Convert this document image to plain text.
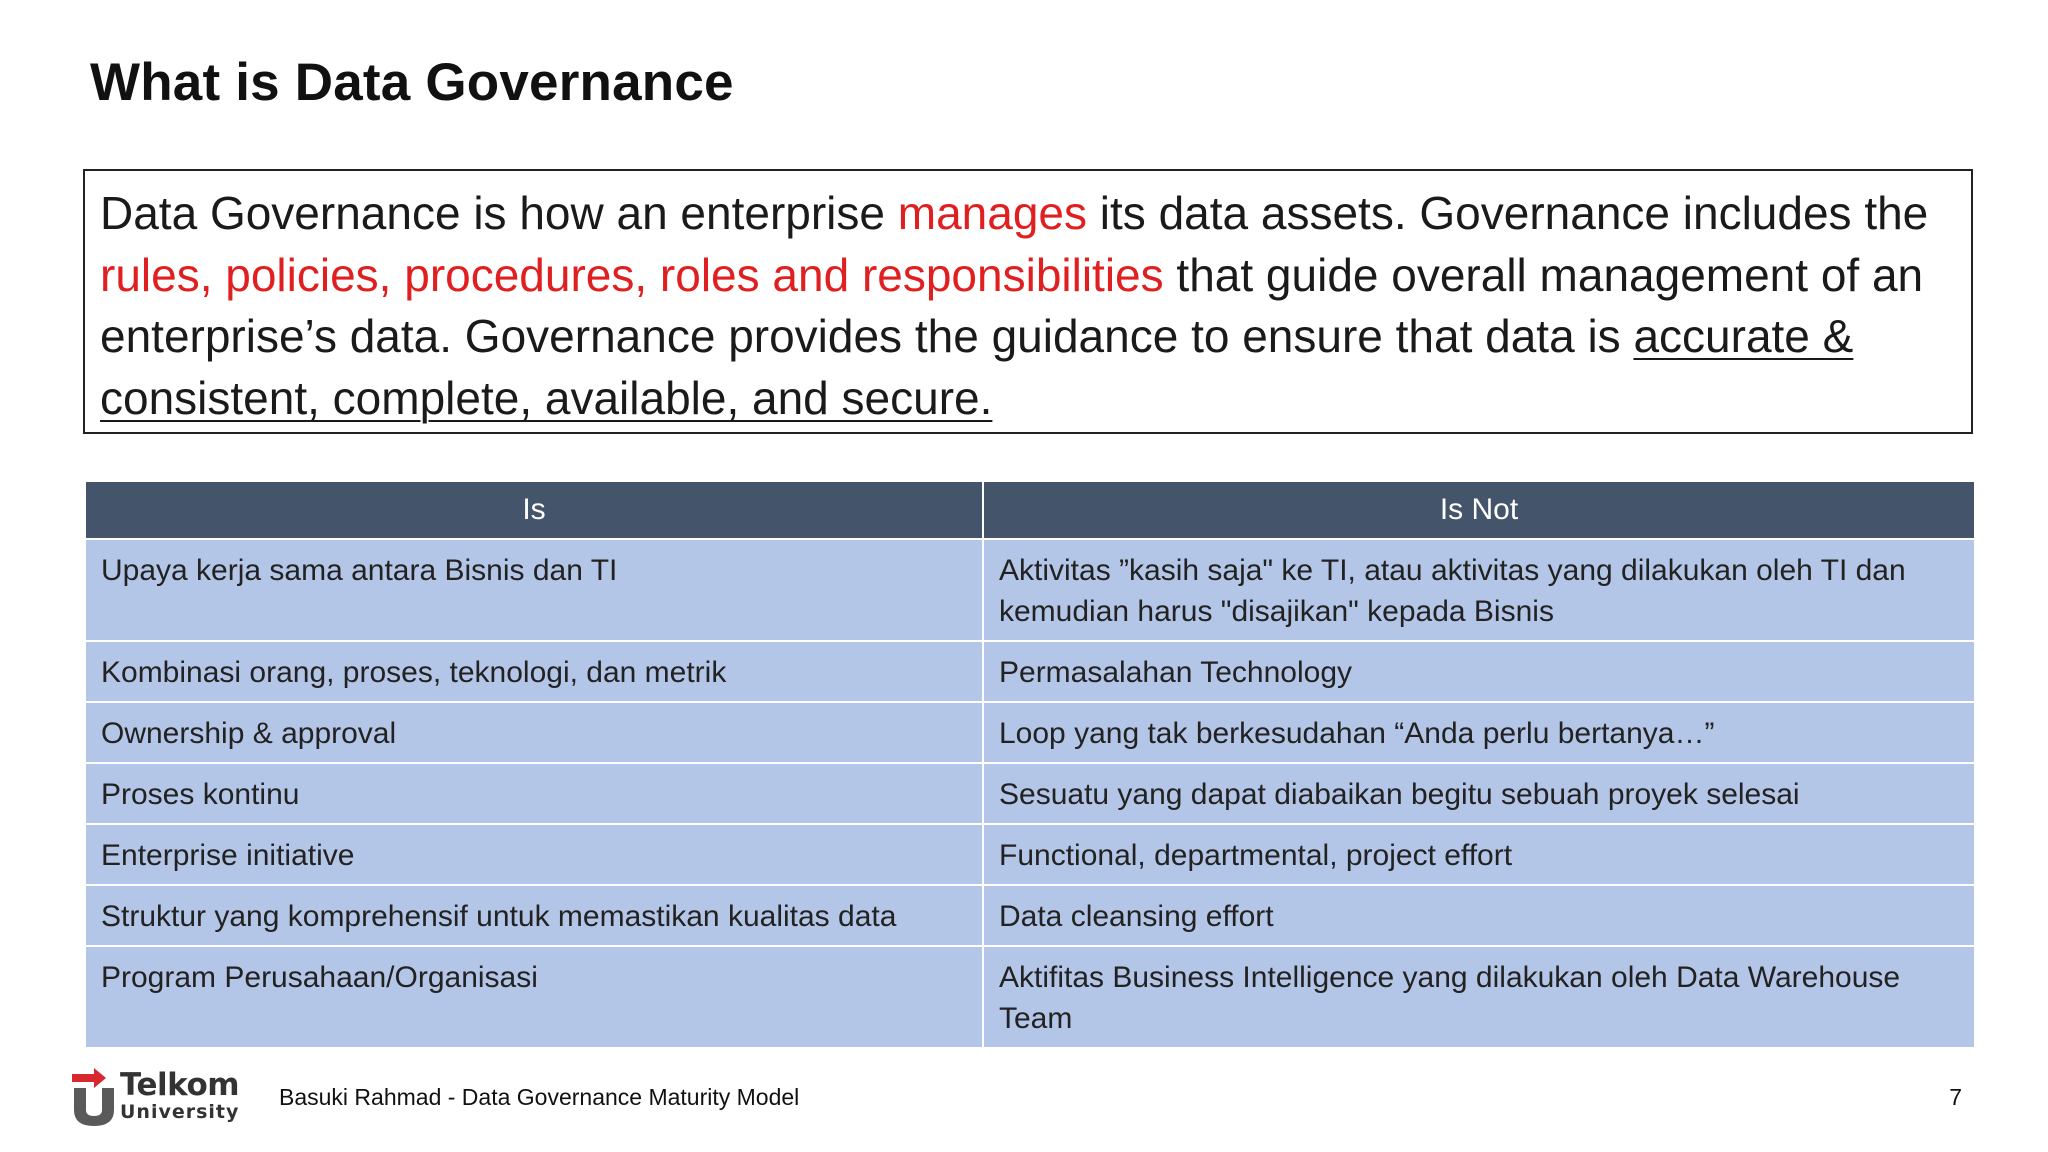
What is Data Governance
Data Governance is how an enterprise manages its data assets. Governance includes the rules, policies, procedures, roles and responsibilities that guide overall management of an enterprise’s data. Governance provides the guidance to ensure that data is accurate & consistent, complete, available, and secure.
Is	Is Not
Upaya kerja sama antara Bisnis dan TI	Aktivitas ”kasih saja" ke TI, atau aktivitas yang dilakukan oleh TI dan kemudian harus "disajikan" kepada Bisnis
Kombinasi orang, proses, teknologi, dan metrik	Permasalahan Technology
Ownership & approval	Loop yang tak berkesudahan “Anda perlu bertanya…”
Proses kontinu	Sesuatu yang dapat diabaikan begitu sebuah proyek selesai
Enterprise initiative	Functional, departmental, project effort
Struktur yang komprehensif untuk memastikan kualitas data	Data cleansing effort
Program Perusahaan/Organisasi	Aktifitas Business Intelligence yang dilakukan oleh Data Warehouse Team
Telkom
University
Basuki Rahmad - Data Governance Maturity Model	7
